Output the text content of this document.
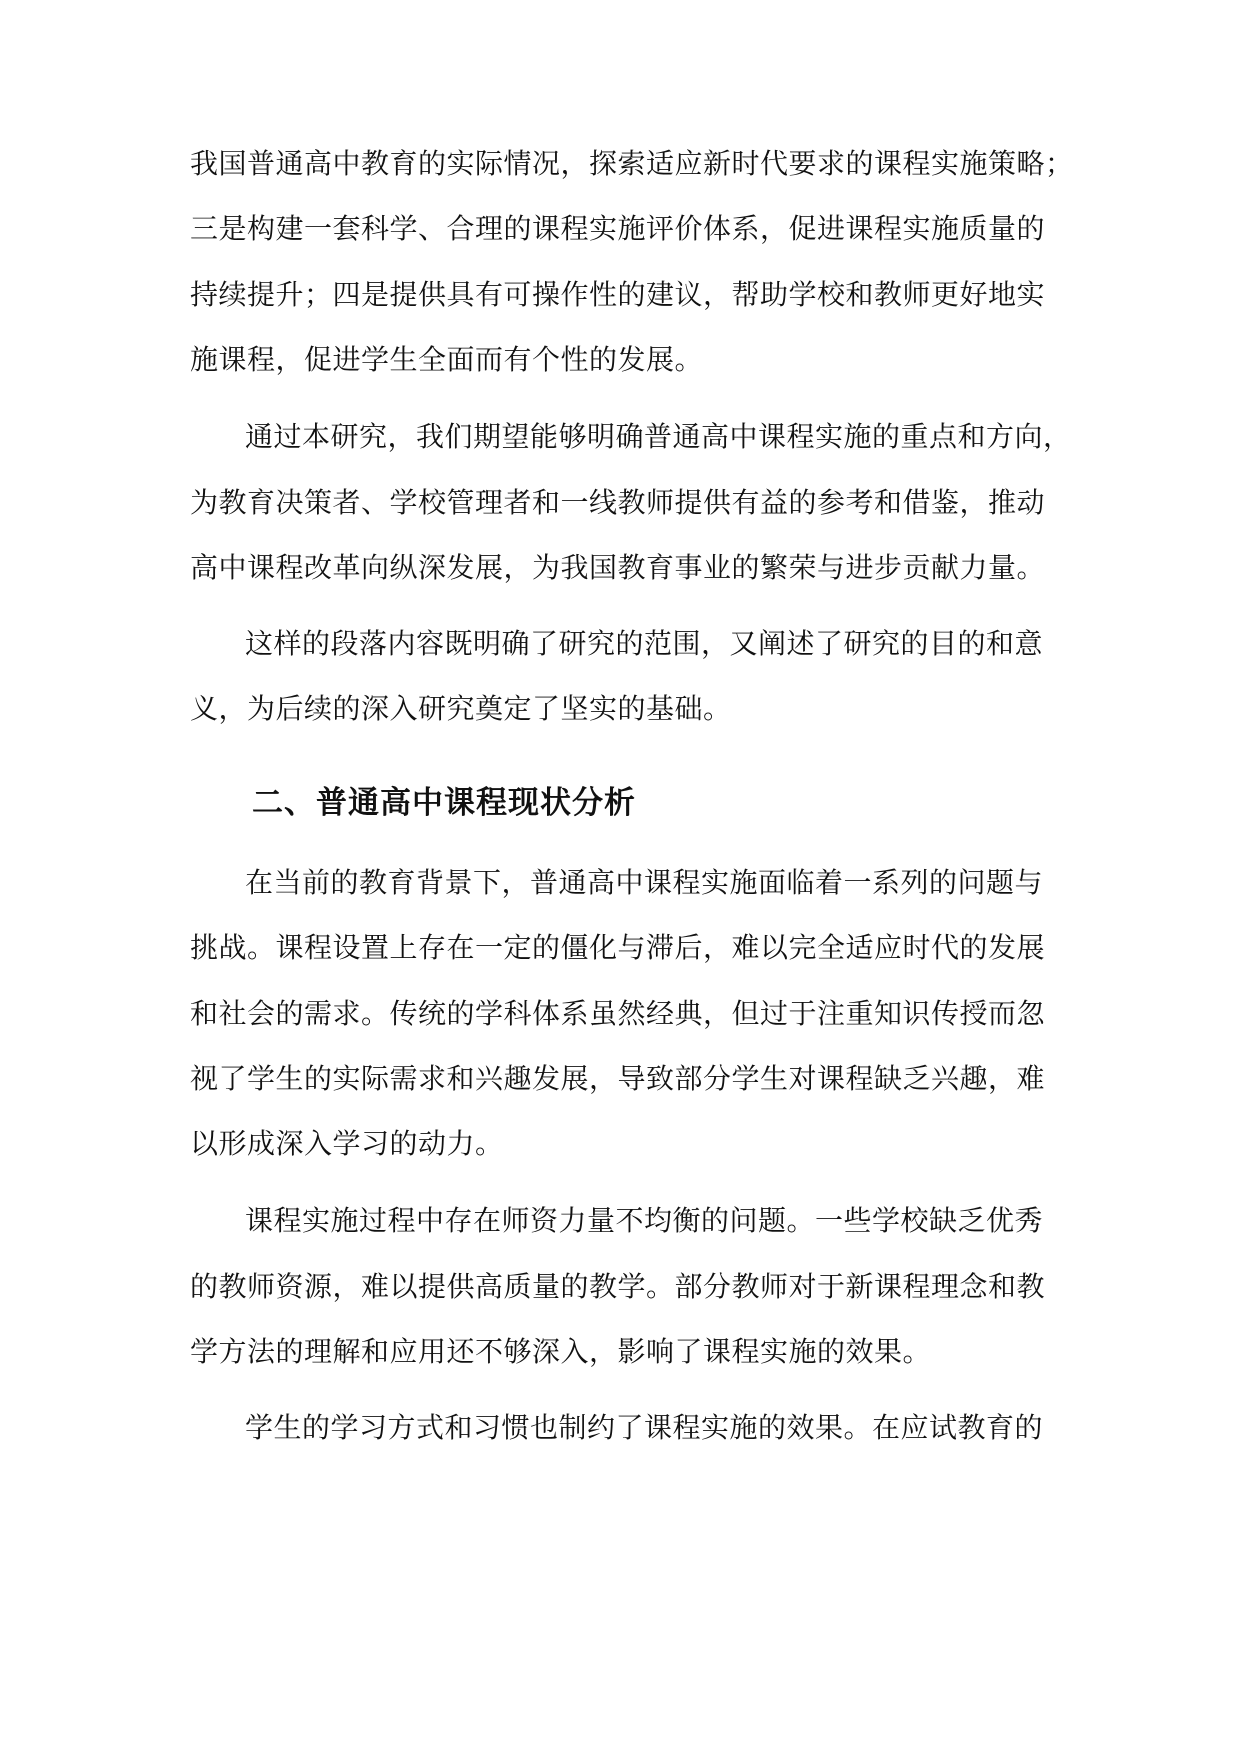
我国普通高中教育的实际情况，探索适应新时代要求的课程实施策略；
三是构建一套科学、合理的课程实施评价体系，促进课程实施质量的
持续提升；四是提供具有可操作性的建议，帮助学校和教师更好地实
施课程，促进学生全面而有个性的发展。
通过本研究，我们期望能够明确普通高中课程实施的重点和方向，
为教育决策者、学校管理者和一线教师提供有益的参考和借鉴，推动
高中课程改革向纵深发展，为我国教育事业的繁荣与进步贡献力量。
这样的段落内容既明确了研究的范围，又阐述了研究的目的和意
义，为后续的深入研究奠定了坚实的基础。
二、普通高中课程现状分析
在当前的教育背景下，普通高中课程实施面临着一系列的问题与
挑战。课程设置上存在一定的僵化与滞后，难以完全适应时代的发展
和社会的需求。传统的学科体系虽然经典，但过于注重知识传授而忽
视了学生的实际需求和兴趣发展，导致部分学生对课程缺乏兴趣，难
以形成深入学习的动力。
课程实施过程中存在师资力量不均衡的问题。一些学校缺乏优秀
的教师资源，难以提供高质量的教学。部分教师对于新课程理念和教
学方法的理解和应用还不够深入，影响了课程实施的效果。
学生的学习方式和习惯也制约了课程实施的效果。在应试教育的
